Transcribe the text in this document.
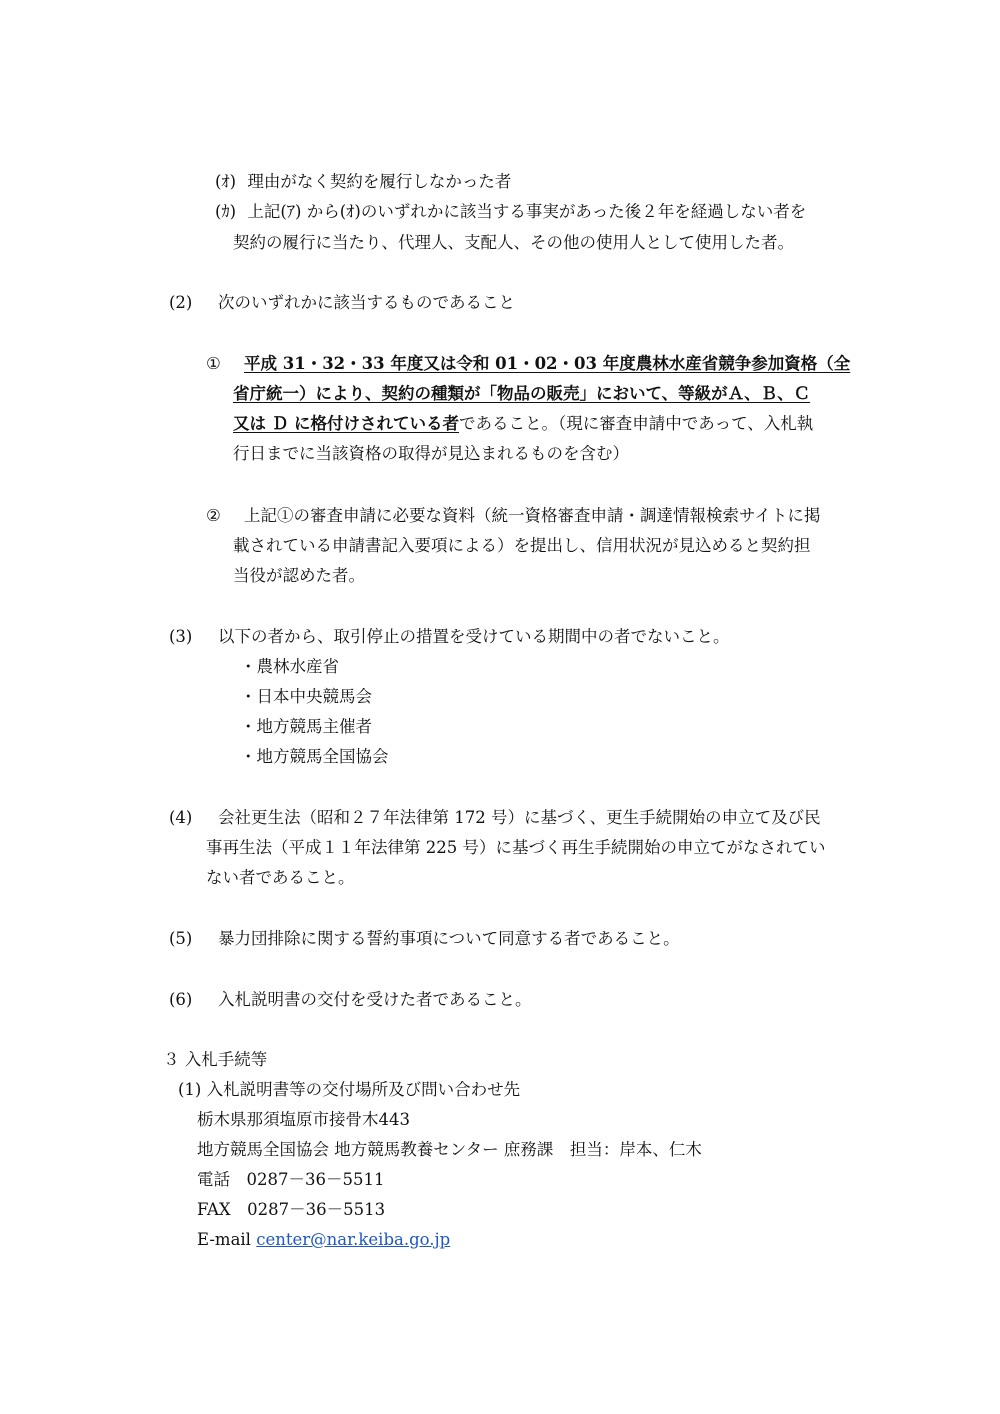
(ｵ) 理由がなく契約を履行しなかった者
(ｶ) 上記(ｱ) から(ｵ)のいずれかに該当する事実があった後２年を経過しない者を
契約の履行に当たり、代理人、支配人、その他の使用人として使用した者。
(2) 次のいずれかに該当するものであること
① 平成 31・32・33 年度又は令和 01・02・03 年度農林水産省競争参加資格（全
省庁統一）により、契約の種類が「物品の販売」において、等級がＡ、Ｂ、Ｃ
又は Ｄ に格付けされている者であること。（現に審査申請中であって、入札執
行日までに当該資格の取得が見込まれるものを含む）
② 上記①の審査申請に必要な資料（統一資格審査申請・調達情報検索サイトに掲
載されている申請書記入要項による）を提出し、信用状況が見込めると契約担
当役が認めた者。
(3) 以下の者から、取引停止の措置を受けている期間中の者でないこと。
・農林水産省
・日本中央競馬会
・地方競馬主催者
・地方競馬全国協会
(4) 会社更生法（昭和２７年法律第 172 号）に基づく、更生手続開始の申立て及び民
事再生法（平成１１年法律第 225 号）に基づく再生手続開始の申立てがなされてい
ない者であること。
(5) 暴力団排除に関する誓約事項について同意する者であること。
(6) 入札説明書の交付を受けた者であること。
３ 入札手続等
(1) 入札説明書等の交付場所及び問い合わせ先
栃木県那須塩原市接骨木443
地方競馬全国協会 地方競馬教養センター 庶務課　担当：岸本、仁木
電話　0287－36－5511
FAX　0287－36－5513
E-mail center@nar.keiba.go.jp
